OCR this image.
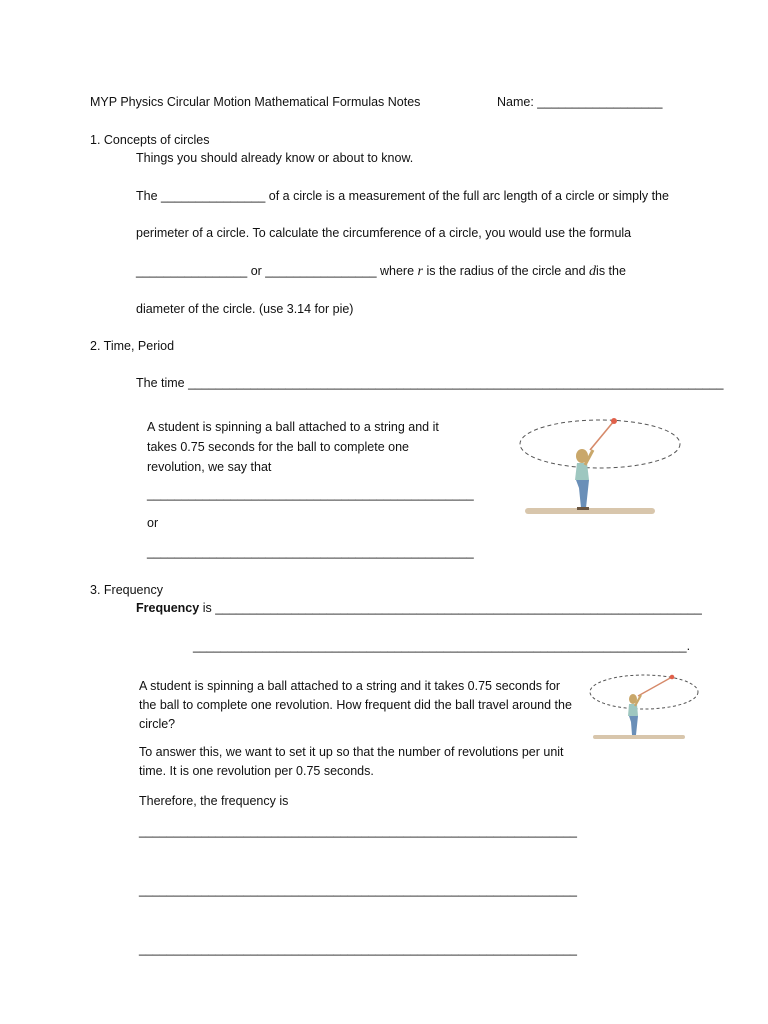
MYP Physics Circular Motion Mathematical Formulas Notes	Name: __________________
1. Concepts of circles
Things you should already know or about to know.
The _______________ of a circle is a measurement of the full arc length of a circle or simply the
perimeter of a circle. To calculate the circumference of a circle, you would use the formula
________________ or ________________ where r is the radius of the circle and dis the
diameter of the circle. (use 3.14 for pie)
2. Time, Period
The time _____________________________________________________________________________
A student is spinning a ball attached to a string and it takes 0.75 seconds for the ball to complete one revolution, we say that
_______________________________________________
or
_______________________________________________
3. Frequency
Frequency is ______________________________________________________________________
_______________________________________________________________________.
A student is spinning a ball attached to a string and it takes 0.75 seconds for the ball to complete one revolution. How frequent did the ball travel around the circle?
To answer this, we want to set it up so that the number of revolutions per unit time. It is one revolution per 0.75 seconds.
Therefore, the frequency is
_______________________________________________________________
_______________________________________________________________
_______________________________________________________________
